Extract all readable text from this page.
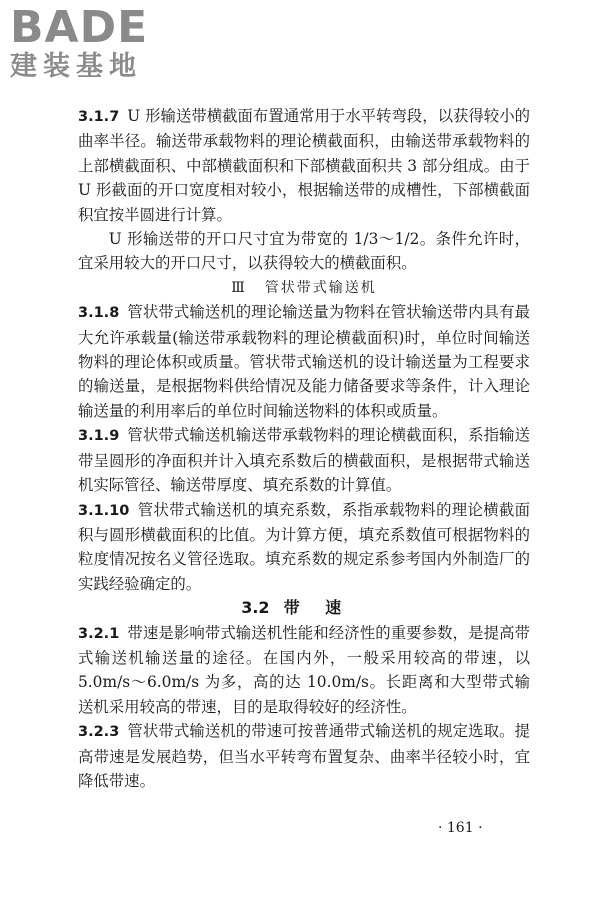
BADE
建装基地

3.1.7 U 形输送带横截面布置通常用于水平转弯段，以获得较小的曲率半径。输送带承载物料的理论横截面积，由输送带承载物料的上部横截面积、中部横截面积和下部横截面积共 3 部分组成。由于 U 形截面的开口宽度相对较小，根据输送带的成槽性，下部横截面积宜按半圆进行计算。

U 形输送带的开口尺寸宜为带宽的 1/3～1/2。条件允许时，宜采用较大的开口尺寸，以获得较大的横截面积。

Ⅲ 管状带式输送机

3.1.8 管状带式输送机的理论输送量为物料在管状输送带内具有最大允许承载量(输送带承载物料的理论横截面积)时，单位时间输送物料的理论体积或质量。管状带式输送机的设计输送量为工程要求的输送量，是根据物料供给情况及能力储备要求等条件，计入理论输送量的利用率后的单位时间输送物料的体积或质量。

3.1.9 管状带式输送机输送带承载物料的理论横截面积，系指输送带呈圆形的净面积并计入填充系数后的横截面积，是根据带式输送机实际管径、输送带厚度、填充系数的计算值。

3.1.10 管状带式输送机的填充系数，系指承载物料的理论横截面积与圆形横截面积的比值。为计算方便，填充系数值可根据物料的粒度情况按名义管径选取。填充系数的规定系参考国内外制造厂的实践经验确定的。

3.2 带速

3.2.1 带速是影响带式输送机性能和经济性的重要参数，是提高带式输送机输送量的途径。在国内外，一般采用较高的带速，以 5.0m/s～6.0m/s 为多，高的达 10.0m/s。长距离和大型带式输送机采用较高的带速，目的是取得较好的经济性。

3.2.3 管状带式输送机的带速可按普通带式输送机的规定选取。提高带速是发展趋势，但当水平转弯布置复杂、曲率半径较小时，宜降低带速。

· 161 ·
